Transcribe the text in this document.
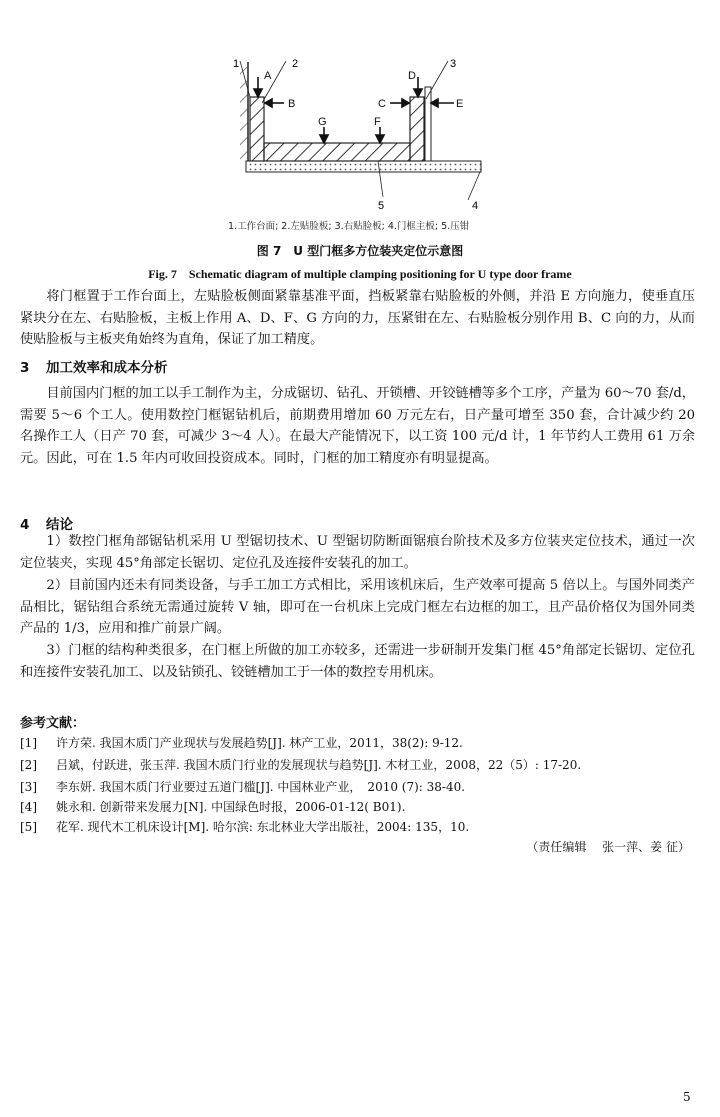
1	2	3
4
5
A
B	C
D
E
F
G
1.工作台面; 2.左贴脸板; 3.右贴脸板; 4.门框主板; 5.压钳
图 7　U 型门框多方位装夹定位示意图
Fig. 7　Schematic diagram of multiple clamping positioning for U type door frame

将门框置于工作台面上，左贴脸板侧面紧靠基准平面，挡板紧靠右贴脸板的外侧，并沿 E 方向施力，使垂直压紧块分在左、右贴脸板，主板上作用 A、D、F、G 方向的力，压紧钳在左、右贴脸板分别作用 B、C 向的力，从而使贴脸板与主板夹角始终为直角，保证了加工精度。

3 加工效率和成本分析

目前国内门框的加工以手工制作为主，分成锯切、钻孔、开锁槽、开铰链槽等多个工序，产量为 60～70 套/d，需要 5～6 个工人。使用数控门框锯钻机后，前期费用增加 60 万元左右，日产量可增至 350 套，合计减少约 20 名操作工人（日产 70 套，可减少 3～4 人）。在最大产能情况下，以工资 100 元/d 计，1 年节约人工费用 61 万余元。因此，可在 1.5 年内可收回投资成本。同时，门框的加工精度亦有明显提高。

4 结论

1）数控门框角部锯钻机采用 U 型锯切技术、U 型锯切防断面锯痕台阶技术及多方位装夹定位技术，通过一次定位装夹，实现 45°角部定长锯切、定位孔及连接件安装孔的加工。

2）目前国内还未有同类设备，与手工加工方式相比，采用该机床后，生产效率可提高 5 倍以上。与国外同类产品相比，锯钻组合系统无需通过旋转 V 轴，即可在一台机床上完成门框左右边框的加工，且产品价格仅为国外同类产品的 1/3，应用和推广前景广阔。

3）门框的结构种类很多，在门框上所做的加工亦较多，还需进一步研制开发集门框 45°角部定长锯切、定位孔和连接件安装孔加工、以及钻锁孔、铰链槽加工于一体的数控专用机床。

参考文献：
[1] 许方荣. 我国木质门产业现状与发展趋势[J]. 林产工业，2011，38(2): 9-12.
[2] 吕斌，付跃进，张玉萍. 我国木质门行业的发展现状与趋势[J]. 木材工业，2008，22（5）: 17-20.
[3] 李东妍. 我国木质门行业要过五道门槛[J]. 中国林业产业，　2010 (7): 38-40.
[4] 姚永和. 创新带来发展力[N]. 中国绿色时报，2006-01-12( B01).
[5] 花军. 现代木工机床设计[M]. 哈尔滨: 东北林业大学出版社，2004: 135，10.
（责任编辑　 张一萍、姜 征）
5
